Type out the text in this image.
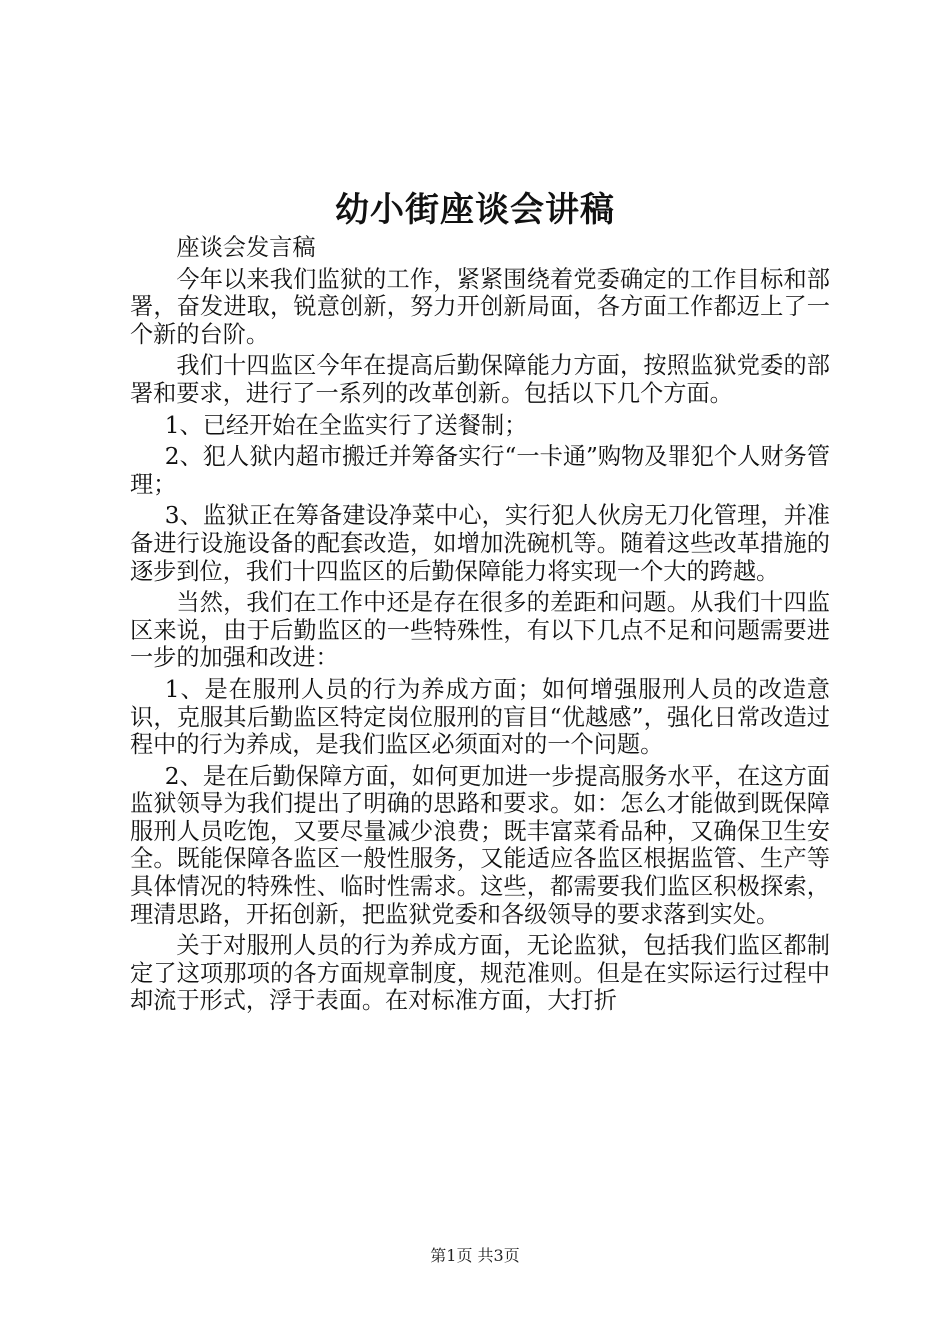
幼小街座谈会讲稿

座谈会发言稿

今年以来我们监狱的工作，紧紧围绕着党委确定的工作目标和部署，奋发进取，锐意创新，努力开创新局面，各方面工作都迈上了一个新的台阶。

我们十四监区今年在提高后勤保障能力方面，按照监狱党委的部署和要求，进行了一系列的改革创新。包括以下几个方面。

1、已经开始在全监实行了送餐制；

2、犯人狱内超市搬迁并筹备实行“一卡通”购物及罪犯个人财务管理；

3、监狱正在筹备建设净菜中心，实行犯人伙房无刀化管理，并准备进行设施设备的配套改造，如增加洗碗机等。随着这些改革措施的逐步到位，我们十四监区的后勤保障能力将实现一个大的跨越。

当然，我们在工作中还是存在很多的差距和问题。从我们十四监区来说，由于后勤监区的一些特殊性，有以下几点不足和问题需要进一步的加强和改进：

1、是在服刑人员的行为养成方面；如何增强服刑人员的改造意识，克服其后勤监区特定岗位服刑的盲目“优越感”，强化日常改造过程中的行为养成，是我们监区必须面对的一个问题。

2、是在后勤保障方面，如何更加进一步提高服务水平，在这方面监狱领导为我们提出了明确的思路和要求。如：怎么才能做到既保障服刑人员吃饱，又要尽量减少浪费；既丰富菜肴品种，又确保卫生安全。既能保障各监区一般性服务，又能适应各监区根据监管、生产等具体情况的特殊性、临时性需求。这些，都需要我们监区积极探索，理清思路，开拓创新，把监狱党委和各级领导的要求落到实处。

关于对服刑人员的行为养成方面，无论监狱，包括我们监区都制定了这项那项的各方面规章制度，规范准则。但是在实际运行过程中却流于形式，浮于表面。在对标准方面，大打折

第1页 共3页
